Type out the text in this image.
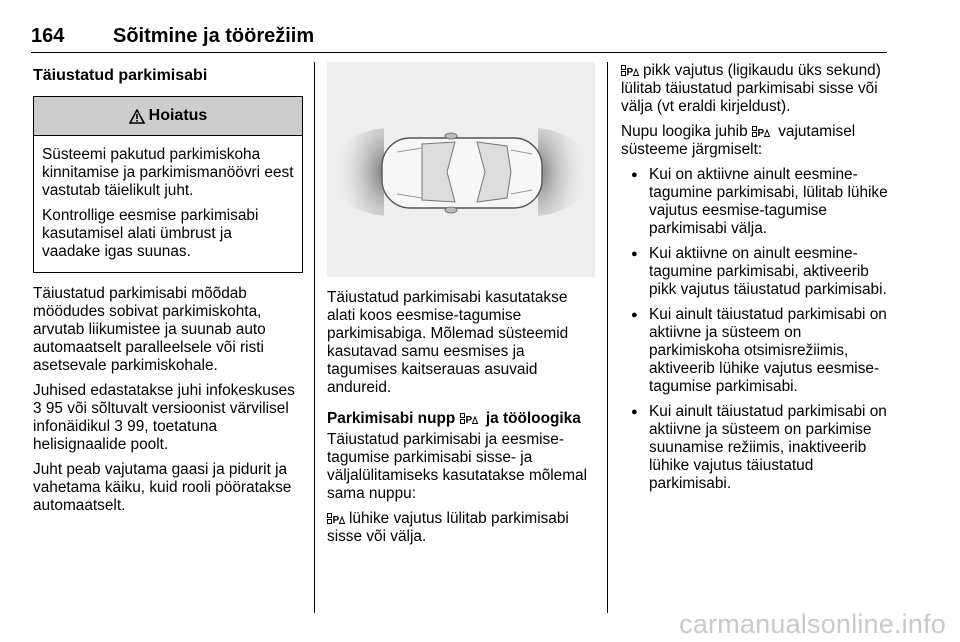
164 Sõitmine ja töörežiim
Täiustatud parkimisabi
Hoiatus

Süsteemi pakutud parkimiskoha kinnitamise ja parkimismanöövri eest vastutab täielikult juht.

Kontrollige eesmise parkimisabi kasutamisel alati ümbrust ja vaadake igas suunas.

Täiustatud parkimisabi mõõdab möödudes sobivat parkimiskohta, arvutab liikumistee ja suunab auto automaatselt paralleelsele või risti asetsevale parkimiskohale.

Juhised edastatakse juhi infokeskuses 3 95 või sõltuvalt versioonist värvilisel infonäidikul 3 99, toetatuna helisignaalide poolt.

Juht peab vajutama gaasi ja pidurit ja vahetama käiku, kuid rooli pööratakse automaatselt.

Täiustatud parkimisabi kasutatakse alati koos eesmise-tagumise parkimisabiga. Mõlemad süsteemid kasutavad samu eesmises ja tagumises kaitserauas asuvaid andureid.

Parkimisabi nupp  ja tööloogika

Täiustatud parkimisabi ja eesmise-tagumise parkimisabi sisse- ja väljalülitamiseks kasutatakse mõlemal sama nuppu:

lühike vajutus lülitab parkimisabi sisse või välja.

pikk vajutus (ligikaudu üks sekund) lülitab täiustatud parkimisabi sisse või välja (vt eraldi kirjeldust).

Nupu loogika juhib  vajutamisel süsteeme järgmiselt:

● Kui on aktiivne ainult eesmine-tagumine parkimisabi, lülitab lühike vajutus eesmise-tagumise parkimisabi välja.
● Kui aktiivne on ainult eesmine-tagumine parkimisabi, aktiveerib pikk vajutus täiustatud parkimisabi.
● Kui ainult täiustatud parkimisabi on aktiivne ja süsteem on parkimiskoha otsimisrežiimis, aktiveerib lühike vajutus eesmise-tagumise parkimisabi.
● Kui ainult täiustatud parkimisabi on aktiivne ja süsteem on parkimise suunamise režiimis, inaktiveerib lühike vajutus täiustatud parkimisabi.
carmanualsonline.info
